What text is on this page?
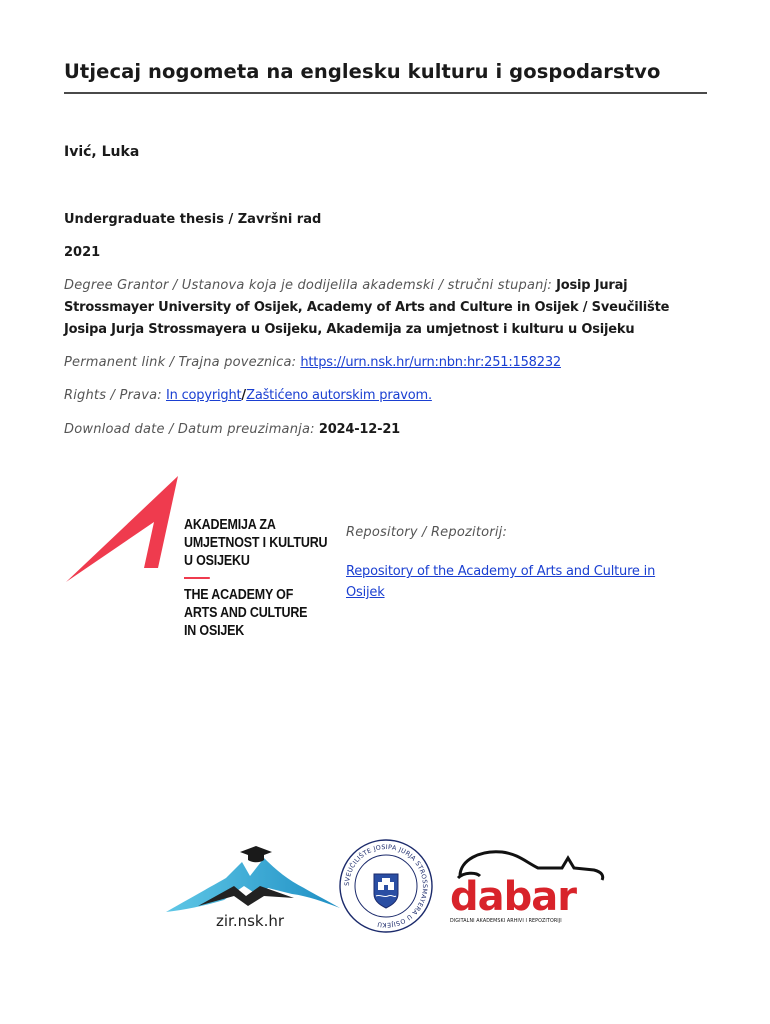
Utjecaj nogometa na englesku kulturu i gospodarstvo
Ivić, Luka
Undergraduate thesis / Završni rad
2021
Degree Grantor / Ustanova koja je dodijelila akademski / stručni stupanj: Josip Juraj Strossmayer University of Osijek, Academy of Arts and Culture in Osijek / Sveučilište Josipa Jurja Strossmayera u Osijeku, Akademija za umjetnost i kulturu u Osijeku
Permanent link / Trajna poveznica: https://urn.nsk.hr/urn:nbn:hr:251:158232
Rights / Prava: In copyright/Zaštićeno autorskim pravom.
Download date / Datum preuzimanja: 2024-12-21
AKADEMIJA ZA
UMJETNOST I KULTURU
U OSIJEKU
THE ACADEMY OF
ARTS AND CULTURE
IN OSIJEK
Repository / Repozitorij:
Repository of the Academy of Arts and Culture in Osijek
zir.nsk.hr
SVEUČILIŠTE JOSIPA JURJA STROSSMAYERA U OSIJEKU
dabar
DIGITALNI AKADEMSKI ARHIVI I REPOZITORIJI
